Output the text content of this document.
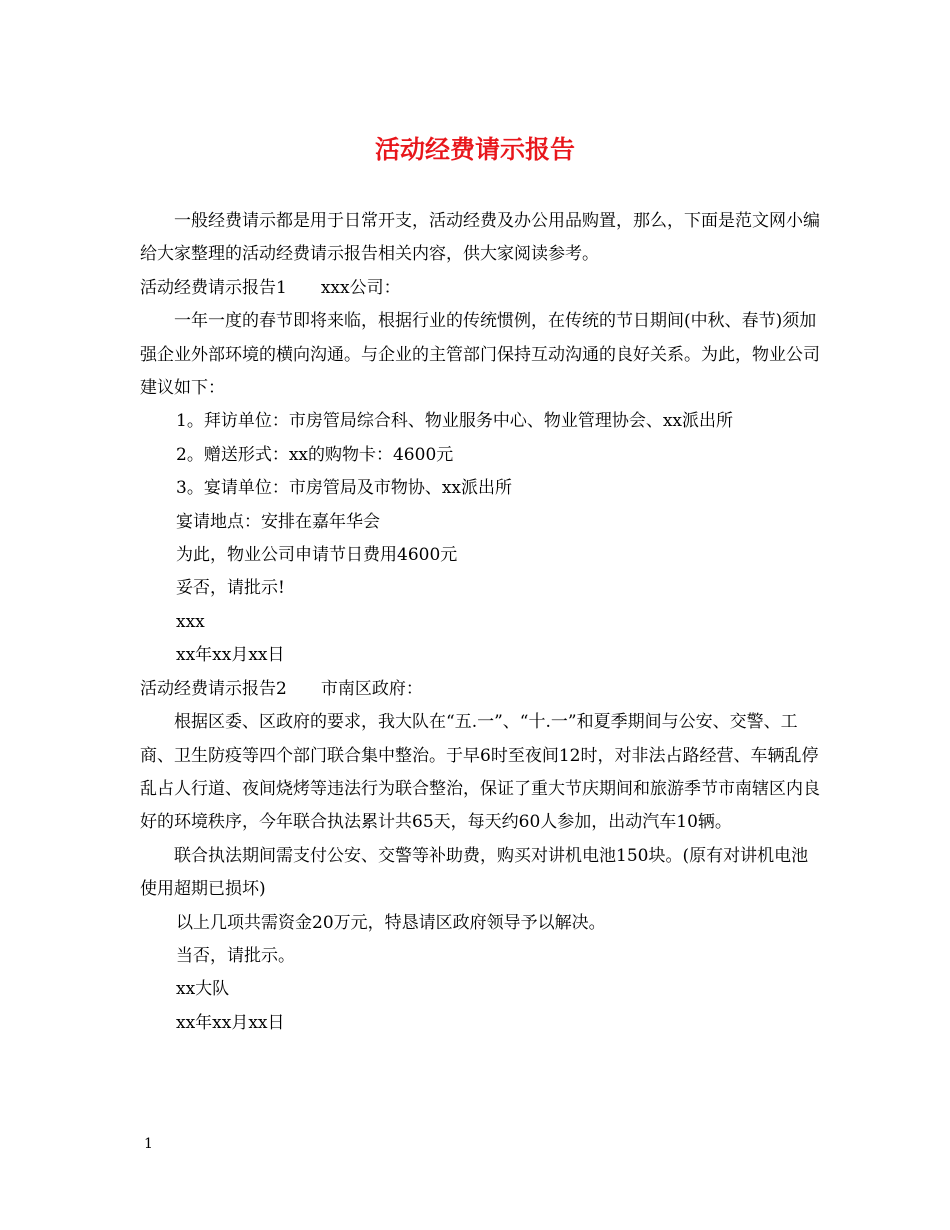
活动经费请示报告

一般经费请示都是用于日常开支，活动经费及办公用品购置，那么，下面是范文网小编给大家整理的活动经费请示报告相关内容，供大家阅读参考。

活动经费请示报告1　　xxx公司：

一年一度的春节即将来临，根据行业的传统惯例，在传统的节日期间(中秋、春节)须加强企业外部环境的横向沟通。与企业的主管部门保持互动沟通的良好关系。为此，物业公司建议如下：

1。拜访单位：市房管局综合科、物业服务中心、物业管理协会、xx派出所

2。赠送形式：xx的购物卡：4600元

3。宴请单位：市房管局及市物协、xx派出所

宴请地点：安排在嘉年华会

为此，物业公司申请节日费用4600元

妥否，请批示!

xxx

xx年xx月xx日

活动经费请示报告2　　市南区政府：

根据区委、区政府的要求，我大队在“五.一”、“十.一”和夏季期间与公安、交警、工商、卫生防疫等四个部门联合集中整治。于早6时至夜间12时，对非法占路经营、车辆乱停乱占人行道、夜间烧烤等违法行为联合整治，保证了重大节庆期间和旅游季节市南辖区内良好的环境秩序，今年联合执法累计共65天，每天约60人参加，出动汽车10辆。

联合执法期间需支付公安、交警等补助费，购买对讲机电池150块。(原有对讲机电池使用超期已损坏)

以上几项共需资金20万元，特恳请区政府领导予以解决。

当否，请批示。

xx大队

xx年xx月xx日

1
